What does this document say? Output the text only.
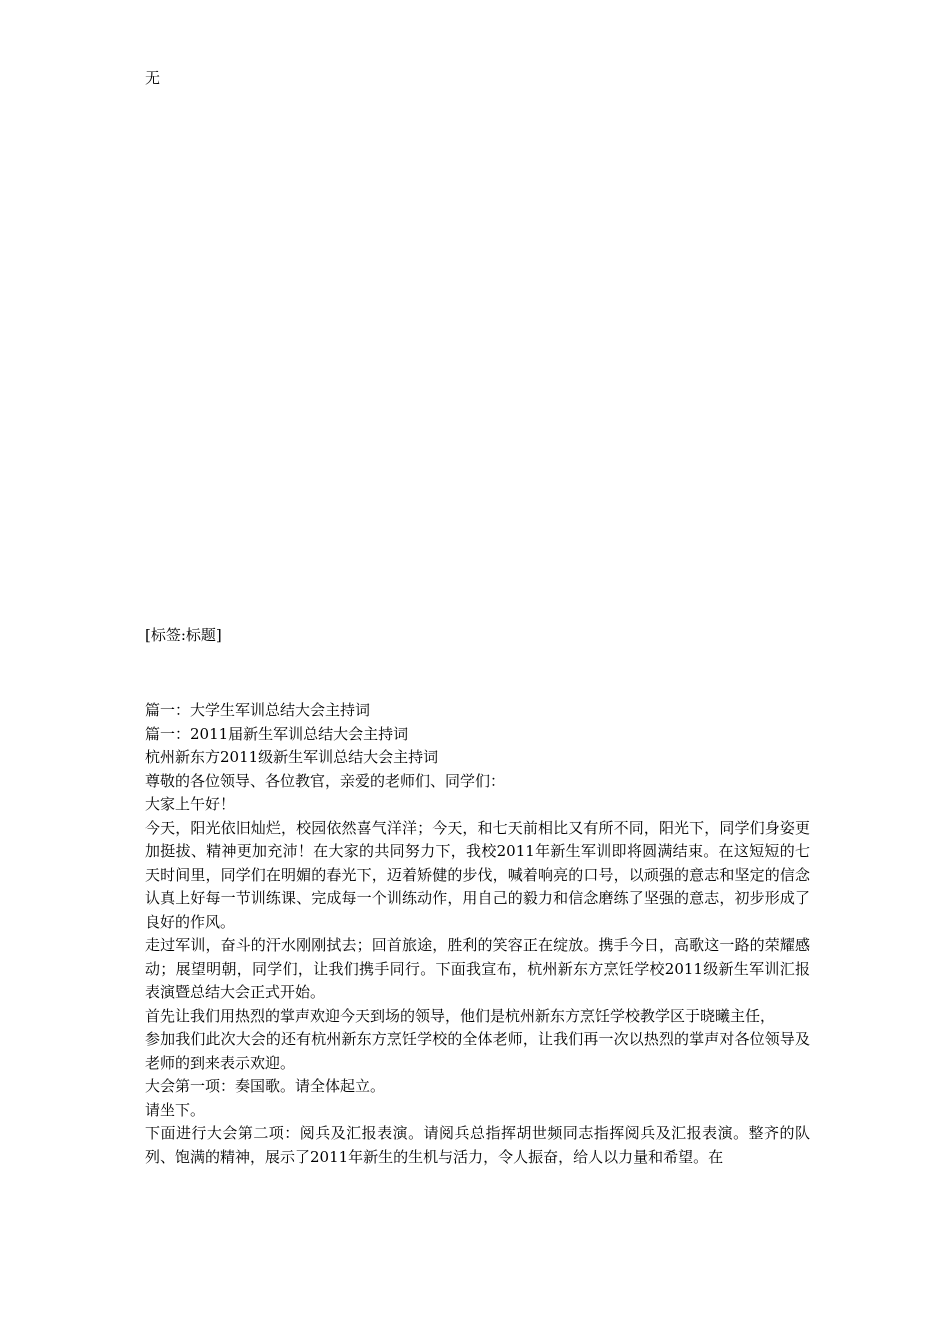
无
[标签:标题]

篇一：大学生军训总结大会主持词

篇一：2011届新生军训总结大会主持词

杭州新东方2011级新生军训总结大会主持词

尊敬的各位领导、各位教官，亲爱的老师们、同学们：

大家上午好！

今天，阳光依旧灿烂，校园依然喜气洋洋；今天，和七天前相比又有所不同，阳光下，同学们身姿更加挺拔、精神更加充沛！在大家的共同努力下，我校2011年新生军训即将圆满结束。在这短短的七天时间里，同学们在明媚的春光下，迈着矫健的步伐，喊着响亮的口号，以顽强的意志和坚定的信念认真上好每一节训练课、完成每一个训练动作，用自己的毅力和信念磨练了坚强的意志，初步形成了良好的作风。

走过军训，奋斗的汗水刚刚拭去；回首旅途，胜利的笑容正在绽放。携手今日，高歌这一路的荣耀感动；展望明朝，同学们，让我们携手同行。下面我宣布，杭州新东方烹饪学校2011级新生军训汇报表演暨总结大会正式开始。

首先让我们用热烈的掌声欢迎今天到场的领导，他们是杭州新东方烹饪学校教学区于晓曦主任，

参加我们此次大会的还有杭州新东方烹饪学校的全体老师，让我们再一次以热烈的掌声对各位领导及老师的到来表示欢迎。

大会第一项：奏国歌。请全体起立。

请坐下。

下面进行大会第二项：阅兵及汇报表演。请阅兵总指挥胡世频同志指挥阅兵及汇报表演。整齐的队列、饱满的精神，展示了2011年新生的生机与活力，令人振奋，给人以力量和希望。在
